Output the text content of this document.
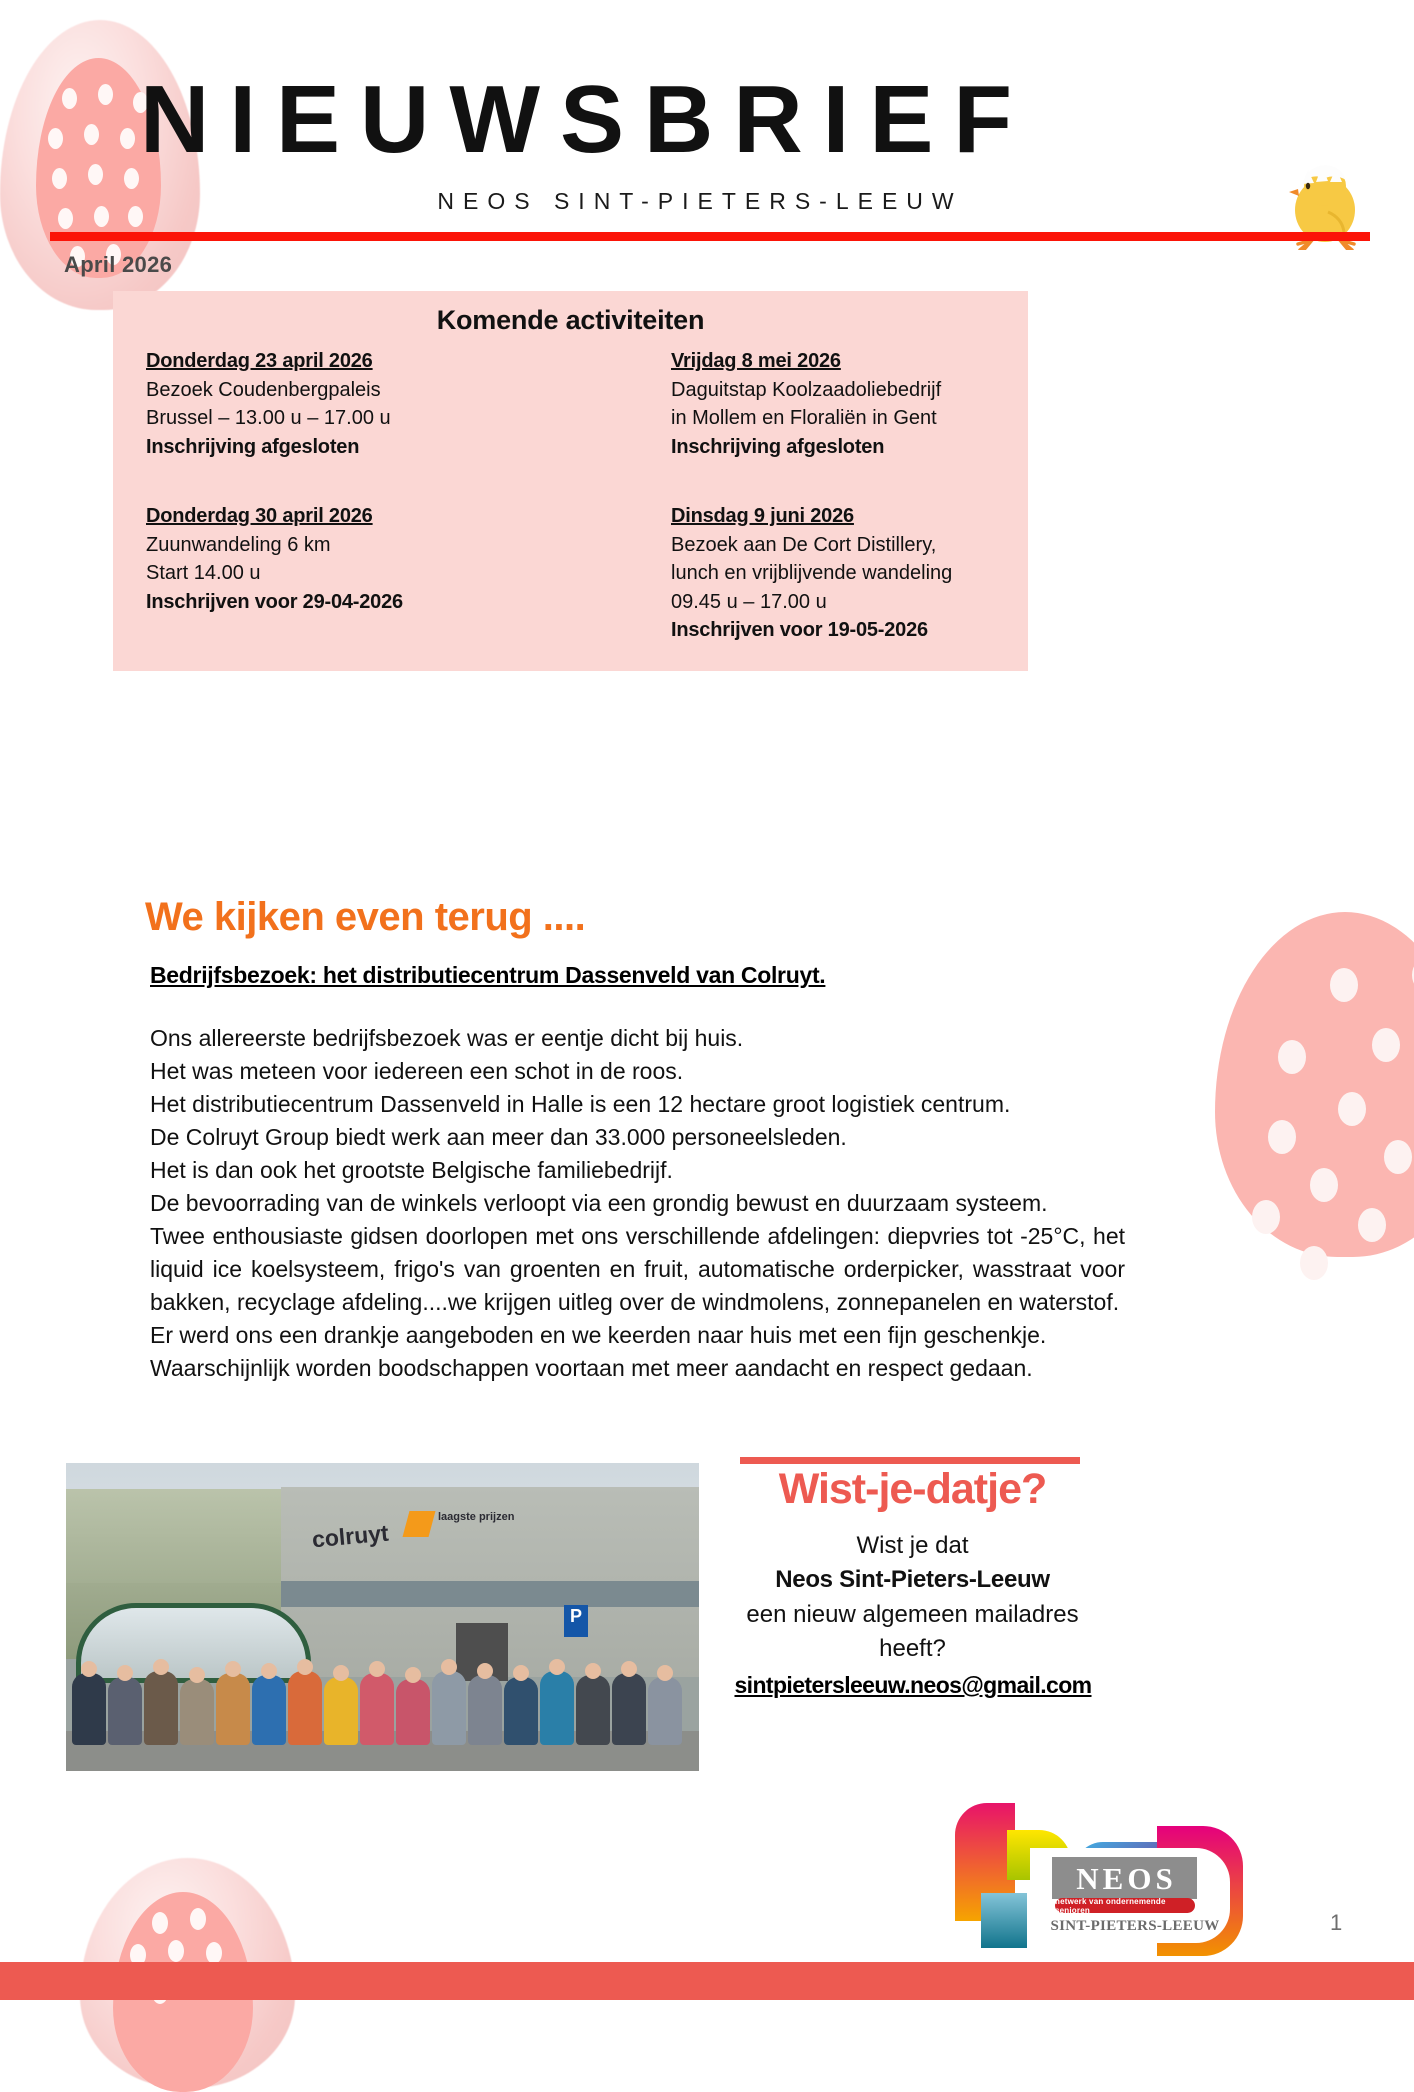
NIEUWSBRIEF
NEOS SINT-PIETERS-LEEUW
April 2026
Komende activiteiten
Donderdag 23 april 2026
Bezoek Coudenbergpaleis
Brussel – 13.00 u – 17.00 u
Inschrijving afgesloten
Donderdag 30 april 2026
Zuunwandeling 6 km
Start 14.00 u
Inschrijven voor 29-04-2026
Vrijdag 8 mei 2026
Daguitstap Koolzaadoliebedrijf
in Mollem en Floraliën in Gent
Inschrijving afgesloten
Dinsdag 9 juni 2026
Bezoek aan De Cort Distillery,
lunch en vrijblijvende wandeling
09.45 u – 17.00 u
Inschrijven voor 19-05-2026
We kijken even terug ....
Bedrijfsbezoek: het distributiecentrum Dassenveld van Colruyt.

Ons allereerste bedrijfsbezoek was er eentje dicht bij huis.

Het was meteen voor iedereen een schot in de roos.

Het distributiecentrum Dassenveld in Halle is een 12 hectare groot logistiek centrum.

De Colruyt Group biedt werk aan meer dan 33.000 personeelsleden.

Het is dan ook het grootste Belgische familiebedrijf.

De bevoorrading van de winkels verloopt via een grondig bewust en duurzaam systeem.

Twee enthousiaste gidsen doorlopen met ons verschillende afdelingen: diepvries tot -25°C, het liquid ice koelsysteem, frigo's van groenten en fruit, automatische orderpicker, wasstraat voor bakken, recyclage afdeling....we krijgen uitleg over de windmolens, zonnepanelen en waterstof.

Er werd ons een drankje aangeboden en we keerden naar huis met een fijn geschenkje.

Waarschijnlijk worden boodschappen voortaan met meer aandacht en respect gedaan.

colruyt
laagste prijzen
P
Wist-je-datje?
Wist je dat
Neos Sint-Pieters-Leeuw
een nieuw algemeen mailadres
heeft?
sintpietersleeuw.neos@gmail.com
N E O S
netwerk van ondernemende senioren
SINT-PIETERS-LEEUW	1
